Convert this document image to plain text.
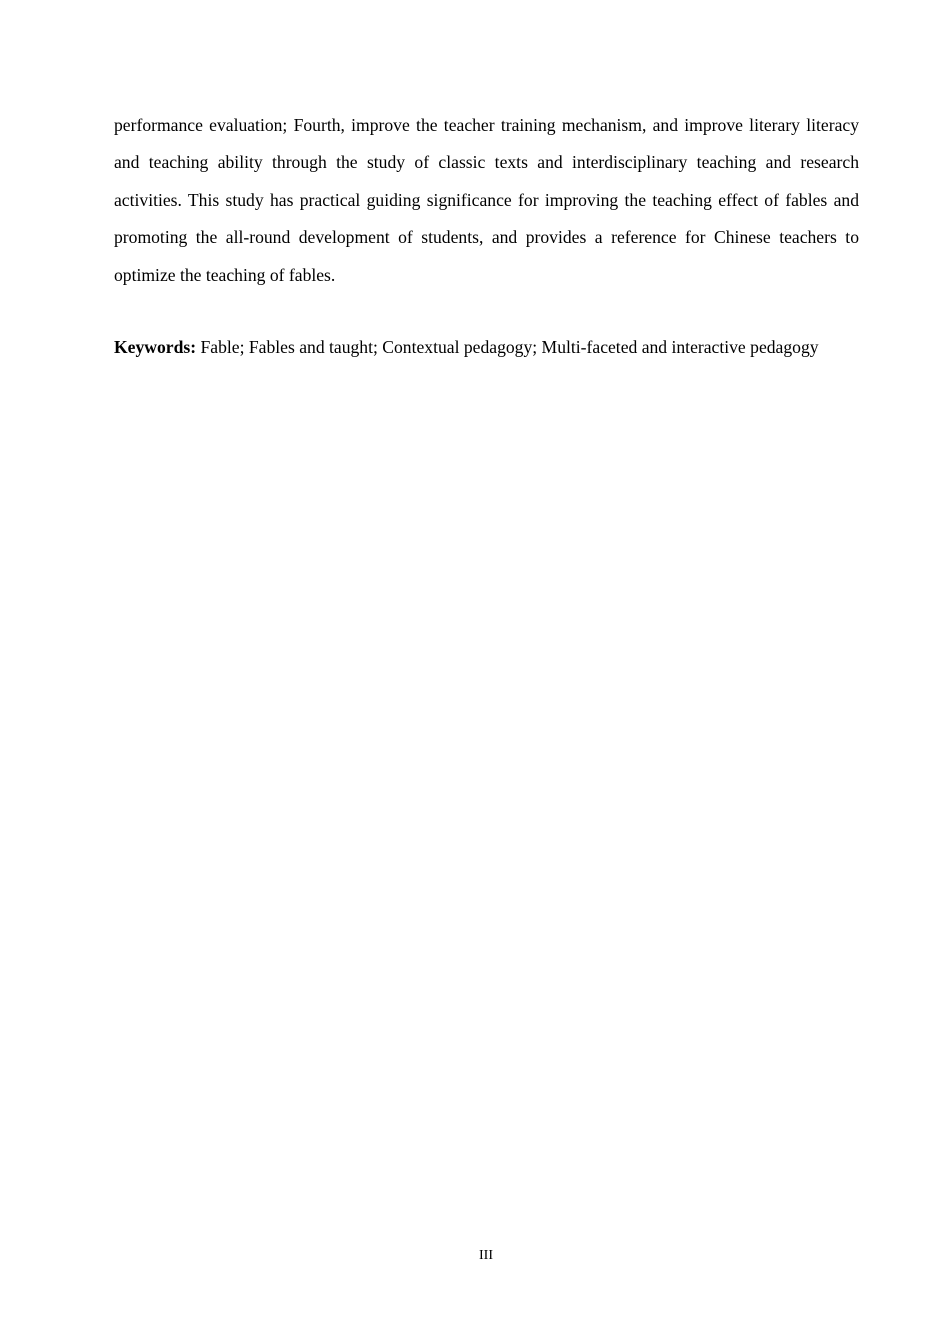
performance evaluation; Fourth, improve the teacher training mechanism, and improve literary literacy and teaching ability through the study of classic texts and interdisciplinary teaching and research activities. This study has practical guiding significance for improving the teaching effect of fables and promoting the all-round development of students, and provides a reference for Chinese teachers to optimize the teaching of fables.

Keywords: Fable; Fables and taught; Contextual pedagogy; Multi-faceted and interactive pedagogy

III
